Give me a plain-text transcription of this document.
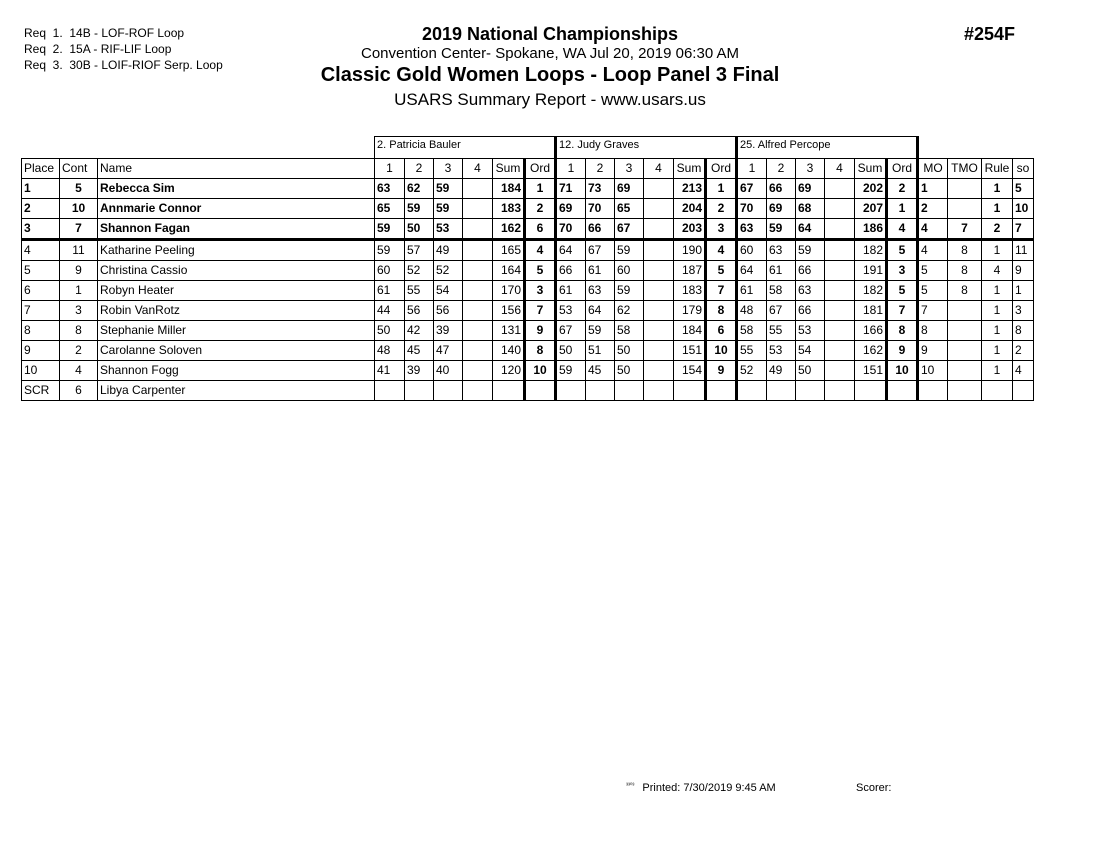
Req  1.  14B - LOF-ROF Loop
Req  2.  15A - RIF-LIF Loop
Req  3.  30B - LOIF-RIOF Serp. Loop
2019 National Championships
Convention Center- Spokane, WA Jul 20, 2019 06:30 AM
Classic Gold Women Loops - Loop Panel 3 Final
USARS Summary Report - www.usars.us
#254F
			2. Patricia Bauler						12. Judy Graves						25. Alfred Percope									
Place	Cont	Name	1	2	3	4	Sum	Ord	1	2	3	4	Sum	Ord	1	2	3	4	Sum	Ord	MO	TMO	Rule	so
1	5	Rebecca Sim	63	62	59		184	1	71	73	69		213	1	67	66	69		202	2	1		1	5
2	10	Annmarie Connor	65	59	59		183	2	69	70	65		204	2	70	69	68		207	1	2		1	10
3	7	Shannon Fagan	59	50	53		162	6	70	66	67		203	3	63	59	64		186	4	4	7	2	7
4	11	Katharine Peeling	59	57	49		165	4	64	67	59		190	4	60	63	59		182	5	4	8	1	11
5	9	Christina Cassio	60	52	52		164	5	66	61	60		187	5	64	61	66		191	3	5	8	4	9
6	1	Robyn Heater	61	55	54		170	3	61	63	59		183	7	61	58	63		182	5	5	8	1	1
7	3	Robin VanRotz	44	56	56		156	7	53	64	62		179	8	48	67	66		181	7	7		1	3
8	8	Stephanie Miller	50	42	39		131	9	67	59	58		184	6	58	55	53		166	8	8		1	8
9	2	Carolanne Soloven	48	45	47		140	8	50	51	50		151	10	55	53	54		162	9	9		1	2
10	4	Shannon Fogg	41	39	40		120	10	59	45	50		154	9	52	49	50		151	10	10		1	4
SCR	6	Libya Carpenter																						
$^{^{3303}}$ Printed: 7/30/2019 9:45 AM	Scorer:
